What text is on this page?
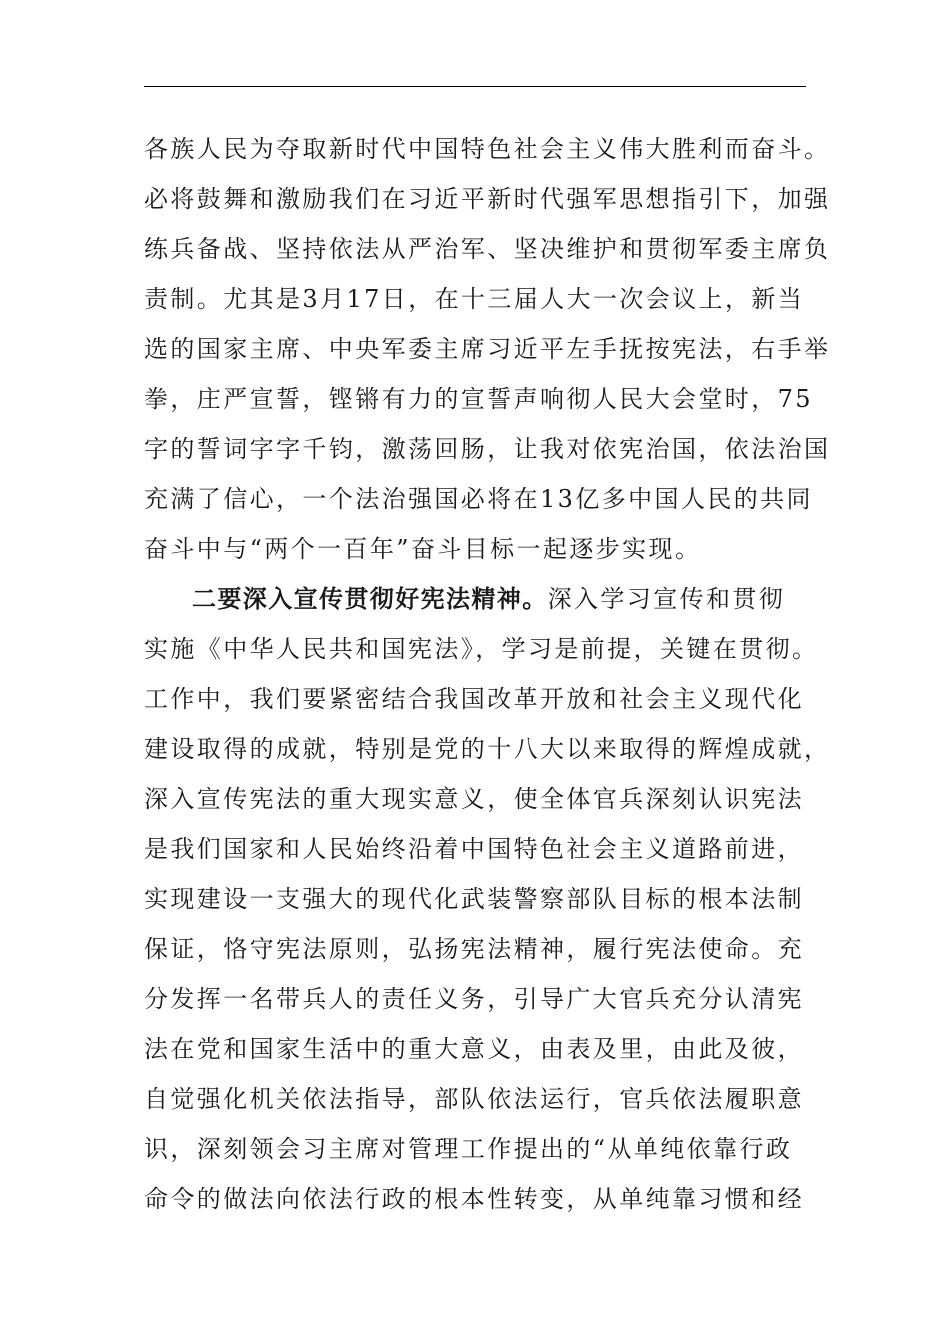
各族人民为夺取新时代中国特色社会主义伟大胜利而奋斗。
必将鼓舞和激励我们在习近平新时代强军思想指引下，加强
练兵备战、坚持依法从严治军、坚决维护和贯彻军委主席负
责制。尤其是3月17日，在十三届人大一次会议上，新当
选的国家主席、中央军委主席习近平左手抚按宪法，右手举
拳，庄严宣誓，铿锵有力的宣誓声响彻人民大会堂时，75
字的誓词字字千钧，激荡回肠，让我对依宪治国，依法治国
充满了信心，一个法治强国必将在13亿多中国人民的共同
奋斗中与“两个一百年”奋斗目标一起逐步实现。
二要深入宣传贯彻好宪法精神。深入学习宣传和贯彻
实施《中华人民共和国宪法》，学习是前提，关键在贯彻。
工作中，我们要紧密结合我国改革开放和社会主义现代化
建设取得的成就，特别是党的十八大以来取得的辉煌成就，
深入宣传宪法的重大现实意义，使全体官兵深刻认识宪法
是我们国家和人民始终沿着中国特色社会主义道路前进，
实现建设一支强大的现代化武装警察部队目标的根本法制
保证，恪守宪法原则，弘扬宪法精神，履行宪法使命。充
分发挥一名带兵人的责任义务，引导广大官兵充分认清宪
法在党和国家生活中的重大意义，由表及里，由此及彼，
自觉强化机关依法指导，部队依法运行，官兵依法履职意
识，深刻领会习主席对管理工作提出的“从单纯依靠行政
命令的做法向依法行政的根本性转变，从单纯靠习惯和经
